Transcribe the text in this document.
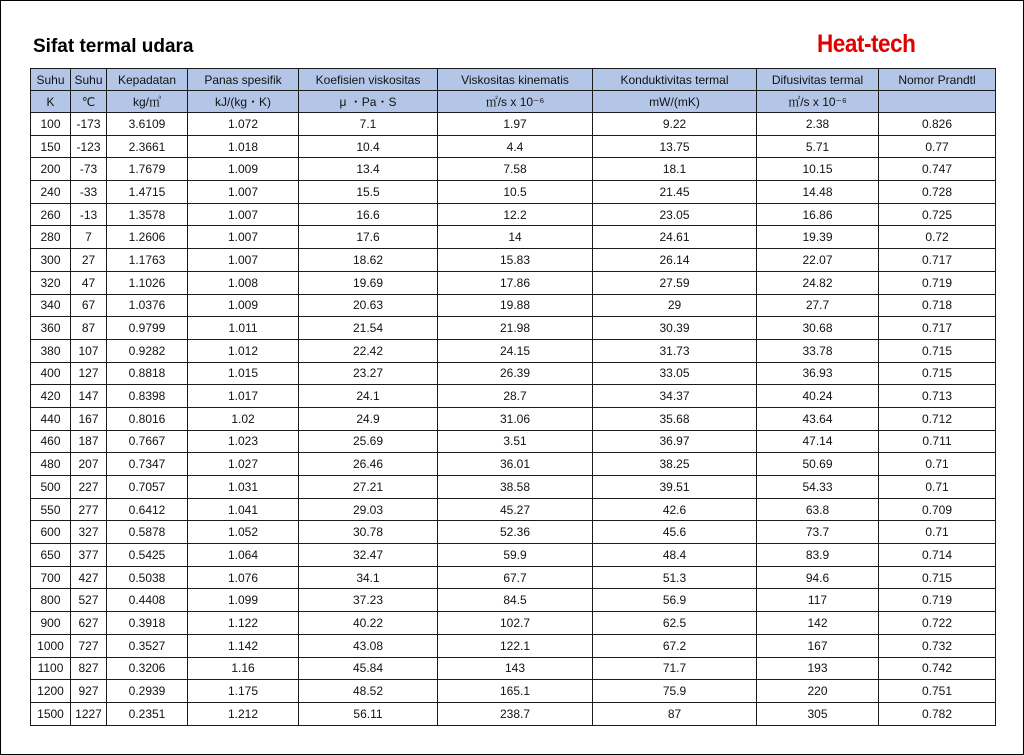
Sifat termal udara	Heat-tech
Suhu	Suhu	Kepadatan	Panas spesifik	Koefisien viskositas	Viskositas kinematis	Konduktivitas termal	Difusivitas termal	Nomor Prandtl
K	℃	kg/㎥	kJ/(kg・K)	μ ・Pa・S	㎡/s x 10⁻⁶	mW/(mK)	㎡/s x 10⁻⁶	
100	-173	3.6109	1.072	7.1	1.97	9.22	2.38	0.826
150	-123	2.3661	1.018	10.4	4.4	13.75	5.71	0.77
200	-73	1.7679	1.009	13.4	7.58	18.1	10.15	0.747
240	-33	1.4715	1.007	15.5	10.5	21.45	14.48	0.728
260	-13	1.3578	1.007	16.6	12.2	23.05	16.86	0.725
280	7	1.2606	1.007	17.6	14	24.61	19.39	0.72
300	27	1.1763	1.007	18.62	15.83	26.14	22.07	0.717
320	47	1.1026	1.008	19.69	17.86	27.59	24.82	0.719
340	67	1.0376	1.009	20.63	19.88	29	27.7	0.718
360	87	0.9799	1.011	21.54	21.98	30.39	30.68	0.717
380	107	0.9282	1.012	22.42	24.15	31.73	33.78	0.715
400	127	0.8818	1.015	23.27	26.39	33.05	36.93	0.715
420	147	0.8398	1.017	24.1	28.7	34.37	40.24	0.713
440	167	0.8016	1.02	24.9	31.06	35.68	43.64	0.712
460	187	0.7667	1.023	25.69	3.51	36.97	47.14	0.711
480	207	0.7347	1.027	26.46	36.01	38.25	50.69	0.71
500	227	0.7057	1.031	27.21	38.58	39.51	54.33	0.71
550	277	0.6412	1.041	29.03	45.27	42.6	63.8	0.709
600	327	0.5878	1.052	30.78	52.36	45.6	73.7	0.71
650	377	0.5425	1.064	32.47	59.9	48.4	83.9	0.714
700	427	0.5038	1.076	34.1	67.7	51.3	94.6	0.715
800	527	0.4408	1.099	37.23	84.5	56.9	117	0.719
900	627	0.3918	1.122	40.22	102.7	62.5	142	0.722
1000	727	0.3527	1.142	43.08	122.1	67.2	167	0.732
1100	827	0.3206	1.16	45.84	143	71.7	193	0.742
1200	927	0.2939	1.175	48.52	165.1	75.9	220	0.751
1500	1227	0.2351	1.212	56.11	238.7	87	305	0.782
